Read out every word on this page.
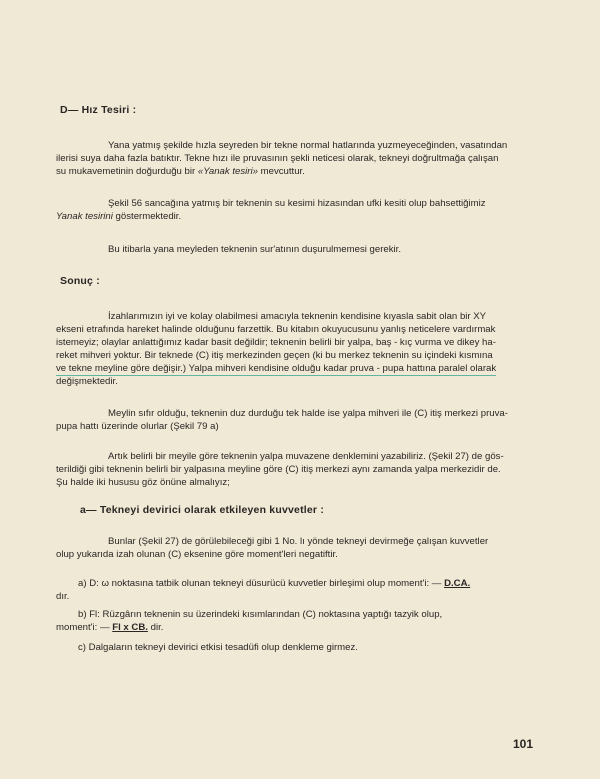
D— Hız Tesiri :
Yana yatmış şekilde hızla seyreden bir tekne normal hatlarında yuzmeyeceğinden, vasatından
ilerisi suya daha fazla batıktır. Tekne hızı ile pruvasının şekli neticesi olarak, tekneyi doğrultmağa çalışan
su mukavemetinin doğurduğu bir «Yanak tesiri» mevcuttur.
Şekil 56 sancağına yatmış bir teknenin su kesimi hizasından ufki kesiti olup bahsettiğimiz
Yanak tesirini göstermektedir.
Bu itibarla yana meyleden teknenin sur'atının duşurulmemesi gerekir.
Sonuç :
İzahlarımızın iyi ve kolay olabilmesi amacıyla teknenin kendisine kıyasla sabit olan bir XY
ekseni etrafında hareket halinde olduğunu farzettik. Bu kitabın okuyucusunu yanlış neticelere vardırmak
istemeyiz; olaylar anlattığımız kadar basit değildir; teknenin belirli bir yalpa, baş - kıç vurma ve dikey ha-
reket mihveri yoktur. Bir teknede (C) itiş merkezinden geçen (ki bu merkez teknenin su içindeki kısmına
ve tekne meyline göre değişir.) Yalpa mihveri kendisine olduğu kadar pruva - pupa hattına paralel olarak
değişmektedir.
Meylin sıfır olduğu, teknenin duz durduğu tek halde ise yalpa mihveri ile (C) itiş merkezi pruva-
pupa hattı üzerinde olurlar (Şekil 79 a)
Artık belirli bir meyile göre teknenin yalpa muvazene denklemini yazabiliriz. (Şekil 27) de gös-
terildiği gibi teknenin belirli bir yalpasına meyline göre (C) itiş merkezi aynı zamanda yalpa merkezidir de.
Şu halde iki hususu göz önüne almalıyız;
a— Tekneyi devirici olarak etkileyen kuvvetler :
Bunlar (Şekil 27) de görülebileceği gibi 1 No. lı yönde tekneyi devirmeğe çalışan kuvvetler
olup yukarıda izah olunan (C) eksenine göre moment'leri negatiftir.
a) D: ω noktasına tatbik olunan tekneyi düsurücü kuvvetler birleşimi olup moment'i: — D.CA.
dır.
b) Fl: Rüzgârın teknenin su üzerindeki kısımlarından (C) noktasına yaptığı tazyik olup,
moment'i: — Fl x CB. dir.
c) Dalgaların tekneyi devirici etkisi tesadüfi olup denkleme girmez.
101
